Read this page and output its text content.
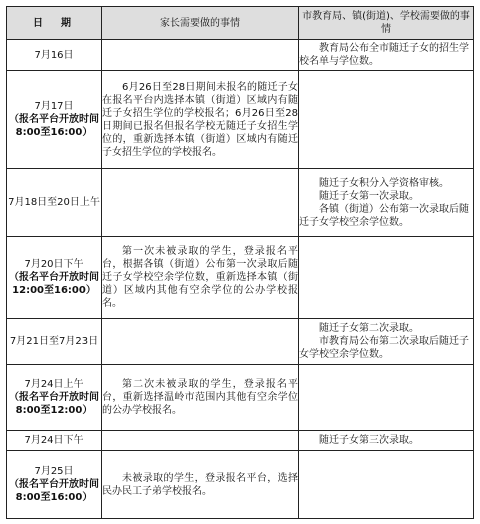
日　期	家长需要做的事情	市教育局、镇(街道)、学校需要做的事情
7月16日		教育局公布全市随迁子女的招生学校名单与学位数。

7月17日
（报名平台开放时间
8:00至16:00）	6月26日至28日期间未报名的随迁子女在报名平台内选择本镇（街道）区域内有随迁子女招生学位的学校报名；6月26日至28日期间已报名但报名学校无随迁子女招生学位的，重新选择本镇（街道）区域内有随迁子女招生学位的学校报名。	
7月18日至20日上午		随迁子女积分入学资格审核。

随迁子女第一次录取。

各镇（街道）公布第一次录取后随迁子女学校空余学位数。

7月20日下午
（报名平台开放时间
12:00至16:00）	第一次未被录取的学生，登录报名平台，根据各镇（街道）公布第一次录取后随迁子女学校空余学位数，重新选择本镇（街道）区域内其他有空余学位的公办学校报名。	
7月21日至7月23日		随迁子女第二次录取。

市教育局公布第二次录取后随迁子女学校空余学位数。

7月24日上午
（报名平台开放时间
8:00至12:00）	第二次未被录取的学生，登录报名平台，重新选择温岭市范围内其他有空余学位的公办学校报名。	
7月24日下午		随迁子女第三次录取。

7月25日
（报名平台开放时间
8:00至16:00）	未被录取的学生，登录报名平台，选择民办民工子弟学校报名。	
